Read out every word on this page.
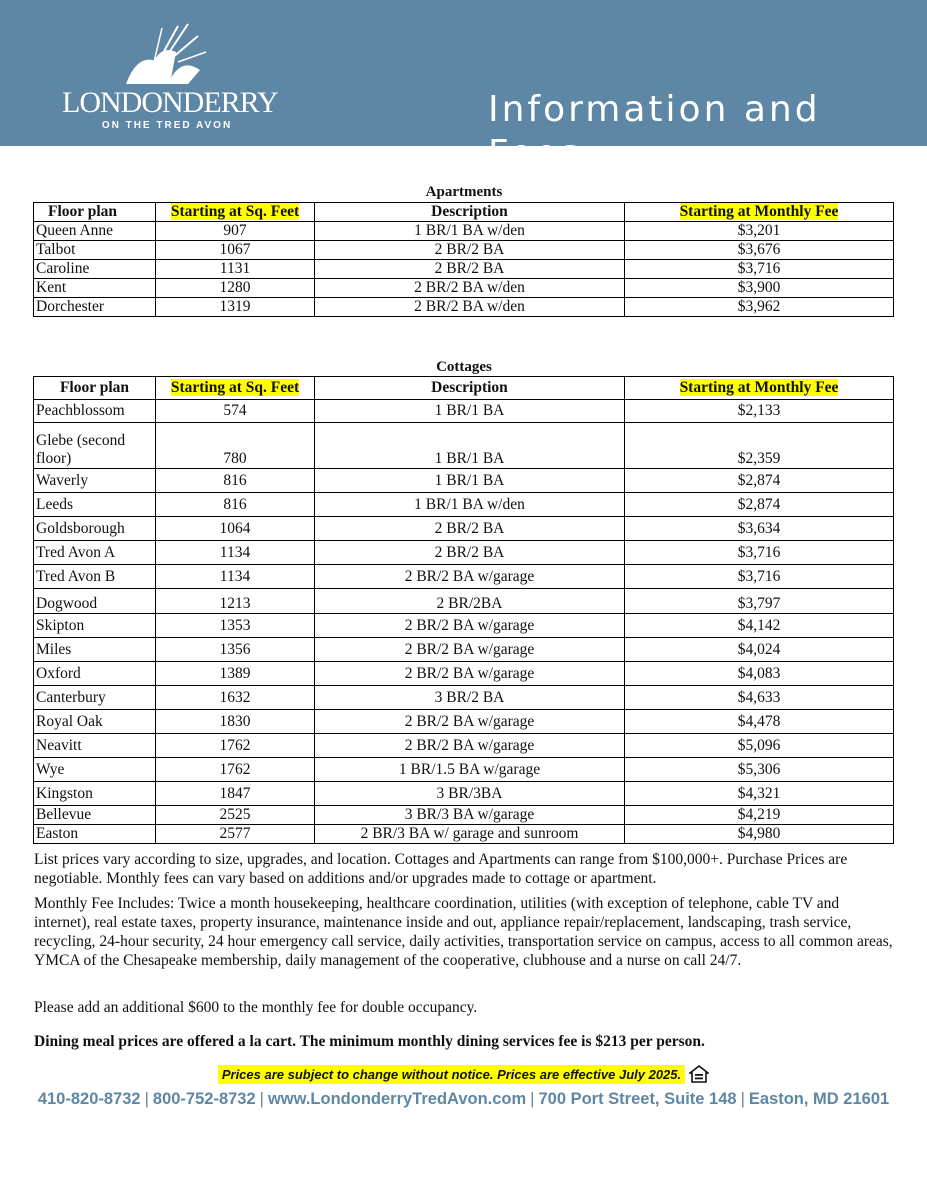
LONDONDERRY
ON THE TRED AVON	Information and Fees
Apartments
Floor plan	Starting at Sq. Feet	Description	Starting at Monthly Fee
Queen Anne	907	1 BR/1 BA w/den	$3,201
Talbot	1067	2 BR/2 BA	$3,676
Caroline	1131	2 BR/2 BA	$3,716
Kent	1280	2 BR/2 BA w/den	$3,900
Dorchester	1319	2 BR/2 BA w/den	$3,962
Cottages
Floor plan	Starting at Sq. Feet	Description	Starting at Monthly Fee
Peachblossom	574	1 BR/1 BA	$2,133
Glebe (second floor)	780	1 BR/1 BA	$2,359
Waverly	816	1 BR/1 BA	$2,874
Leeds	816	1 BR/1 BA w/den	$2,874
Goldsborough	1064	2 BR/2 BA	$3,634
Tred Avon A	1134	2 BR/2 BA	$3,716
Tred Avon B	1134	2 BR/2 BA w/garage	$3,716
Dogwood	1213	2 BR/2BA	$3,797
Skipton	1353	2 BR/2 BA w/garage	$4,142
Miles	1356	2 BR/2 BA w/garage	$4,024
Oxford	1389	2 BR/2 BA w/garage	$4,083
Canterbury	1632	3 BR/2 BA	$4,633
Royal Oak	1830	2 BR/2 BA w/garage	$4,478
Neavitt	1762	2 BR/2 BA w/garage	$5,096
Wye	1762	1 BR/1.5 BA w/garage	$5,306
Kingston	1847	3 BR/3BA	$4,321
Bellevue	2525	3 BR/3 BA w/garage	$4,219
Easton	2577	2 BR/3 BA w/ garage and sunroom	$4,980
List prices vary according to size, upgrades, and location. Cottages and Apartments can range from $100,000+. Purchase Prices are negotiable. Monthly fees can vary based on additions and/or upgrades made to cottage or apartment.
Monthly Fee Includes: Twice a month housekeeping, healthcare coordination, utilities (with exception of telephone, cable TV and internet), real estate taxes, property insurance, maintenance inside and out, appliance repair/replacement, landscaping, trash service, recycling, 24-hour security, 24 hour emergency call service, daily activities, transportation service on campus, access to all common areas, YMCA of the Chesapeake membership, daily management of the cooperative, clubhouse and a nurse on call 24/7.
Please add an additional $600 to the monthly fee for double occupancy.
Dining meal prices are offered a la cart. The minimum monthly dining services fee is $213 per person.
Prices are subject to change without notice. Prices are effective July 2025.
410-820-8732 | 800-752-8732 | www.LondonderryTredAvon.com | 700 Port Street, Suite 148 | Easton, MD 21601
